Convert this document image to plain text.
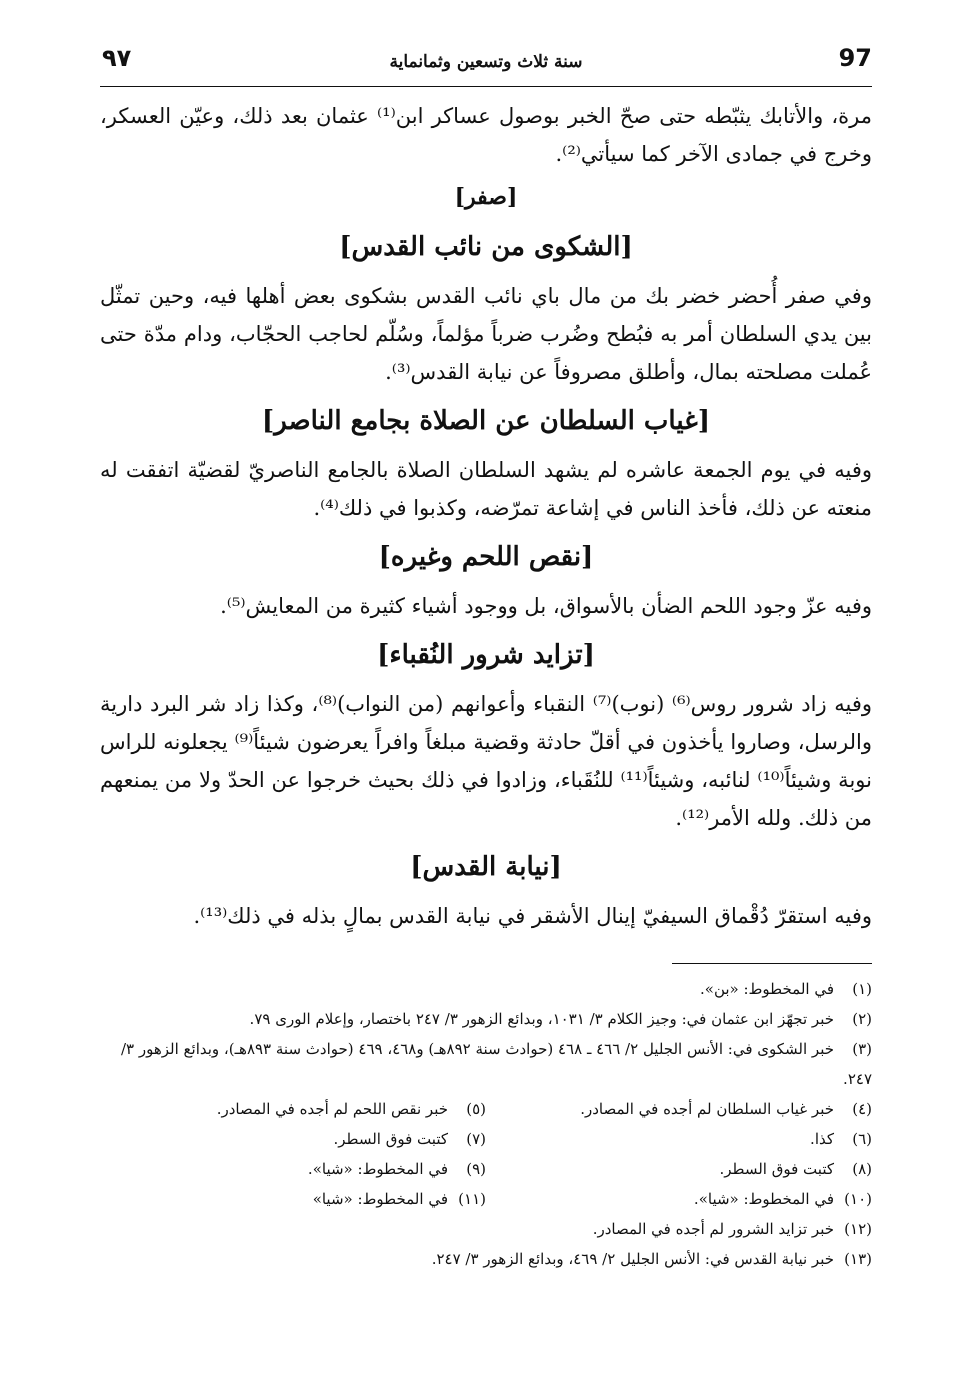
97
سنة ثلاث وتسعين وثمانماية
٩٧

مرة، والأتابك يثبّطه حتى صحّ الخبر بوصول عساكر ابن⁽¹⁾ عثمان بعد ذلك، وعيّن العسكر، وخرج في جمادى الآخر كما سيأتي⁽²⁾.

[صفر]
[الشكوى من نائب القدس]

وفي صفر أُحضر خضر بك من مال باي نائب القدس بشكوى بعض أهلها فيه، وحين تمثّل بين يدي السلطان أمر به فبُطح وضُرب ضرباً مؤلماً، وسُلّم لحاجب الحجّاب، ودام مدّة حتى عُملت مصلحته بمال، وأطلق مصروفاً عن نيابة القدس⁽³⁾.

[غياب السلطان عن الصلاة بجامع الناصر]

وفيه في يوم الجمعة عاشره لم يشهد السلطان الصلاة بالجامع الناصريّ لقضيّة اتفقت له منعته عن ذلك، فأخذ الناس في إشاعة تمرّضه، وكذبوا في ذلك⁽⁴⁾.

[نقص اللحم وغيره]

وفيه عزّ وجود اللحم الضأن بالأسواق، بل ووجود أشياء كثيرة من المعايش⁽⁵⁾.

[تزايد شرور النُقباء]

وفيه زاد شرور روس⁽⁶⁾ (نوب)⁽⁷⁾ النقباء وأعوانهم (من النواب)⁽⁸⁾، وكذا زاد شر البرد دارية والرسل، وصاروا يأخذون في أقلّ حادثة وقضية مبلغاً وافراً يعرضون شيئاً⁽⁹⁾ يجعلونه للراس نوبة وشيئاً⁽¹⁰⁾ لنائبه، وشيئاً⁽¹¹⁾ للنُقَباء، وزادوا في ذلك بحيث خرجوا عن الحدّ ولا من يمنعهم من ذلك. ولله الأمر⁽¹²⁾.

[نيابة القدس]

وفيه استقرّ دُقْماق السيفيّ إينال الأشقر في نيابة القدس بمالٍ بذله في ذلك⁽¹³⁾.

(١)في المخطوط: «بن».

(٢)خبر تجهّز ابن عثمان في: وجيز الكلام ٣/ ١٠٣١، وبدائع الزهور ٣/ ٢٤٧ باختصار، وإعلام الورى ٧٩.

(٣)خبر الشكوى في: الأنس الجليل ٢/ ٤٦٦ ـ ٤٦٨ (حوادث سنة ٨٩٢هـ) و٤٦٨، ٤٦٩ (حوادث سنة ٨٩٣هـ)، وبدائع الزهور ٣/ ٢٤٧.

(٤)خبر غياب السلطان لم أجده في المصادر.

(٥)خبر نقص اللحم لم أجده في المصادر.

(٦)كذا.

(٧)كتبت فوق السطر.

(٨)كتبت فوق السطر.

(٩)في المخطوط: «شيا».

(١٠)في المخطوط: «شيا».

(١١)في المخطوط: «شيا»

(١٢)خبر تزايد الشرور لم أجده في المصادر.

(١٣)خبر نيابة القدس في: الأنس الجليل ٢/ ٤٦٩، وبدائع الزهور ٣/ ٢٤٧.
